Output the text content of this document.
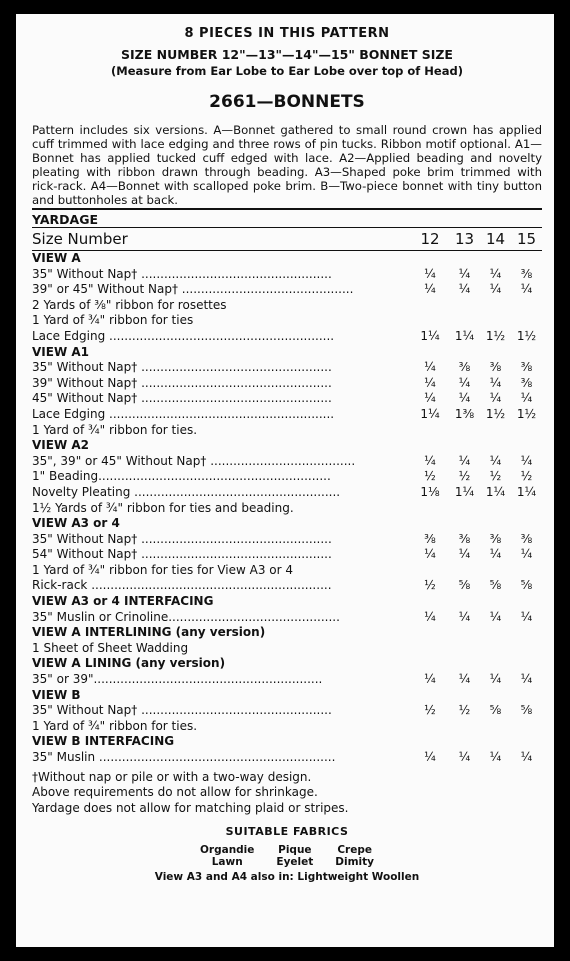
8 PIECES IN THIS PATTERN
SIZE NUMBER 12"—13"—14"—15" BONNET SIZE
(Measure from Ear Lobe to Ear Lobe over top of Head)
2661—BONNETS
Pattern includes six versions. A—Bonnet gathered to small round crown has applied cuff trimmed with lace edging and three rows of pin tucks. Ribbon motif optional. A1—Bonnet has applied tucked cuff edged with lace. A2—Applied beading and novelty pleating with ribbon drawn through beading. A3—Shaped poke brim trimmed with rick-rack. A4—Bonnet with scalloped poke brim. B—Two-piece bonnet with tiny button and buttonholes at back.
YARDAGE
Size Number	12	13 14 15
VIEW A
35" Without Nap† ..................................................	¼	¼	¼	⅜
39" or 45" Without Nap† .............................................	¼	¼	¼	¼
2 Yards of ⅜" ribbon for rosettes
1 Yard of ¾" ribbon for ties
Lace Edging ...........................................................	1¼	1¼ 1½ 1½
VIEW A1
35" Without Nap† ..................................................	¼	⅜	⅜	⅜
39" Without Nap† ..................................................	¼	¼	¼	⅜
45" Without Nap† ..................................................	¼	¼	¼	¼
Lace Edging ...........................................................	1¼	1⅜ 1½ 1½
1 Yard of ¾" ribbon for ties.
VIEW A2
35", 39" or 45" Without Nap† ......................................	¼	¼	¼	¼
1" Beading.............................................................	½	½	½	½
Novelty Pleating ......................................................	1⅛	1¼ 1¼ 1¼
1½ Yards of ¾" ribbon for ties and beading.
VIEW A3 or 4
35" Without Nap† ..................................................	⅜	⅜	⅜	⅜
54" Without Nap† ..................................................	¼	¼	¼	¼
1 Yard of ¾" ribbon for ties for View A3 or 4
Rick-rack ...............................................................	½	⅝	⅝	⅝
VIEW A3 or 4 INTERFACING
35" Muslin or Crinoline.............................................	¼	¼	¼	¼
VIEW A INTERLINING (any version)
1 Sheet of Sheet Wadding
VIEW A LINING (any version)
35" or 39"............................................................	¼	¼	¼	¼
VIEW B
35" Without Nap† ..................................................	½	½	⅝	⅝
1 Yard of ¾" ribbon for ties.
VIEW B INTERFACING
35" Muslin ..............................................................	¼	¼	¼	¼
†Without nap or pile or with a two-way design.
Above requirements do not allow for shrinkage.
Yardage does not allow for matching plaid or stripes.
SUITABLE FABRICS
Organdie
Lawn
Pique
Eyelet
Crepe
Dimity
View A3 and A4 also in: Lightweight Woollen
